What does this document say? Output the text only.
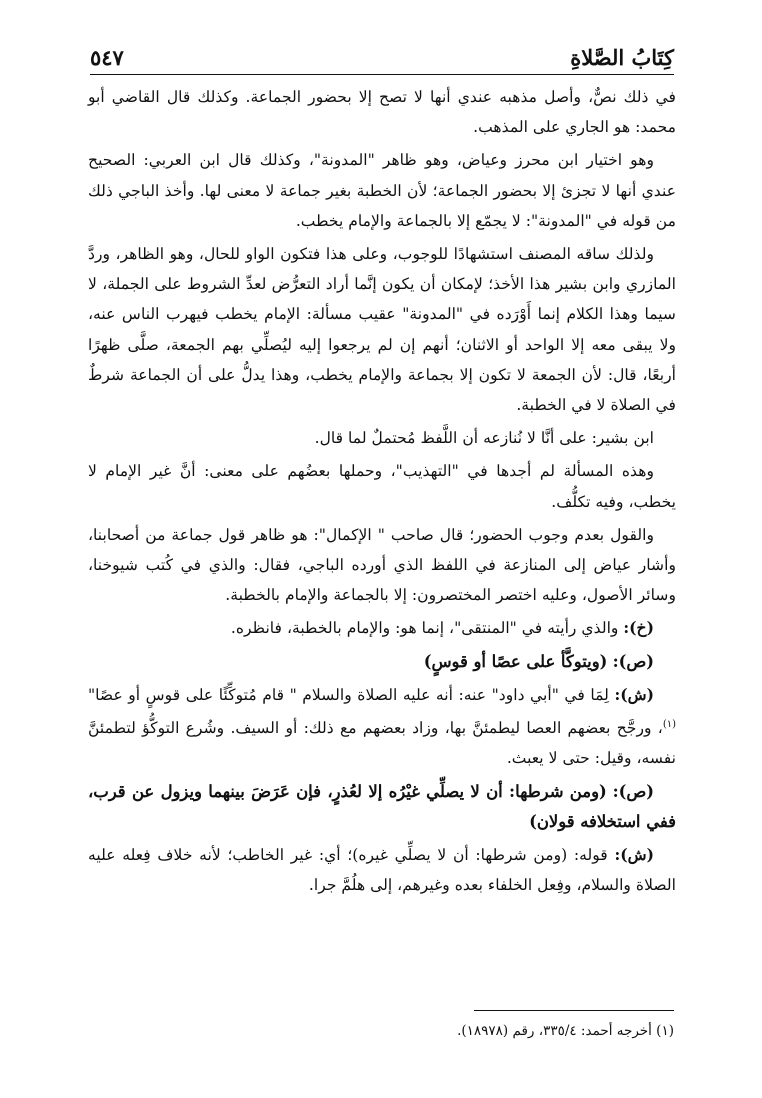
كِتَابُ الصَّلاةِ
٥٤٧

في ذلك نصٌّ، وأصل مذهبه عندي أنها لا تصح إلا بحضور الجماعة. وكذلك قال القاضي أبو محمد: هو الجاري على المذهب.

وهو اختيار ابن محرز وعياض، وهو ظاهر "المدونة"، وكذلك قال ابن العربي: الصحيح عندي أنها لا تجزئ إلا بحضور الجماعة؛ لأن الخطبة بغير جماعة لا معنى لها. وأخذ الباجي ذلك من قوله في "المدونة": لا يجمّع إلا بالجماعة والإمام يخطب.

ولذلك ساقه المصنف استشهادًا للوجوب، وعلى هذا فتكون الواو للحال، وهو الظاهر، وردَّ المازري وابن بشير هذا الأخذ؛ لإمكان أن يكون إنَّما أراد التعرُّض لعدِّ الشروط على الجملة، لا سيما وهذا الكلام إنما أَوْرَده في "المدونة" عقيب مسألة: الإمام يخطب فيهرب الناس عنه، ولا يبقى معه إلا الواحد أو الاثنان؛ أنهم إن لم يرجعوا إليه ليُصلِّي بهم الجمعة، صلَّى ظهرًا أربعًا، قال: لأن الجمعة لا تكون إلا بجماعة والإمام يخطب، وهذا يدلُّ على أن الجماعة شرطٌ في الصلاة لا في الخطبة.

ابن بشير: على أنَّا لا نُنازعه أن اللَّفظ مُحتملٌ لما قال.

وهذه المسألة لم أجدها في "التهذيب"، وحملها بعضُهم على معنى: أنَّ غير الإمام لا يخطب، وفيه تكلُّف.

والقول بعدم وجوب الحضور؛ قال صاحب " الإكمال": هو ظاهر قول جماعة من أصحابنا، وأشار عياض إلى المنازعة في اللفظ الذي أورده الباجي، فقال: والذي في كُتب شيوخنا، وسائر الأصول، وعليه اختصر المختصرون: إلا بالجماعة والإمام بالخطبة.

(خ): والذي رأيته في "المنتقى"، إنما هو: والإمام بالخطبة، فانظره.

(ص): (ويتوكَّأ على عصًا أو قوسٍ)

(ش): لِمَا في "أبي داود" عنه: أنه عليه الصلاة والسلام " قام مُتوكِّئًا على قوسٍ أو عصًا"$^{(١)}$، ورجَّح بعضهم العصا ليطمئنَّ بها، وزاد بعضهم مع ذلك: أو السيف. وشُرع التوكُّؤ لتطمئنَّ نفسه، وقيل: حتى لا يعبث.

(ص): (ومن شرطها: أن لا يصلِّي غيْرُه إلا لعُذرٍ، فإن عَرَضَ بينهما ويزول عن قرب، ففي استخلافه قولان)

(ش): قوله: (ومن شرطها: أن لا يصلِّي غيره)؛ أي: غير الخاطب؛ لأنه خلاف فِعله عليه الصلاة والسلام، وفِعل الخلفاء بعده وغيرهم، إلى هلُمَّ جرا.

(١) أخرجه أحمد: ٣٣٥/٤، رقم (١٨٩٧٨).
